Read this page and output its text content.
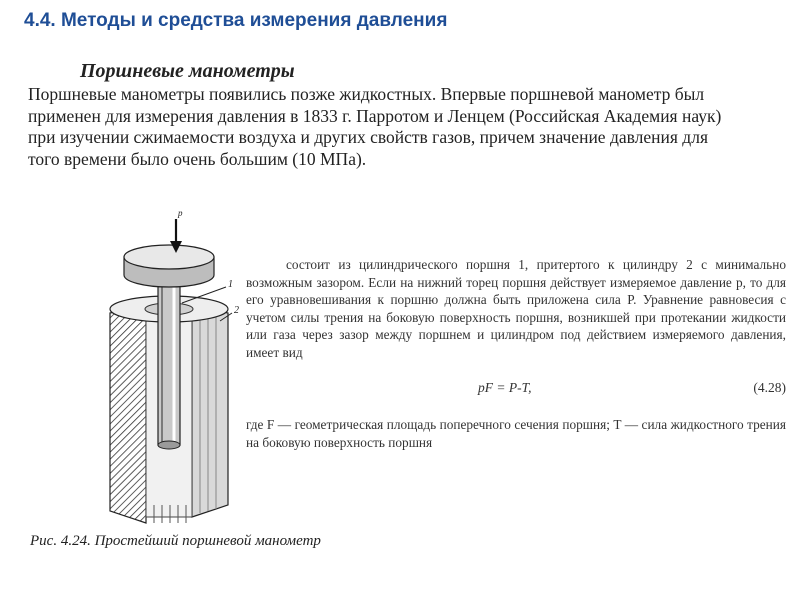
4.4. Методы и средства измерения давления
Поршневые манометры

Поршневые манометры появились позже жидкостных. Впервые поршневой манометр был применен для измерения давления в 1833 г. Парротом и Ленцем (Российская Академия наук) при изучении сжимаемости воздуха и других свойств газов, причем значение давления для того времени было очень большим (10 МПа).

p
1
2

состоит из цилиндрического поршня 1, притертого к цилиндру 2 с минимально возможным зазором. Если на нижний торец поршня действует измеряемое давление p, то для его уравновешивания к поршню должна быть приложена сила P. Уравнение равновесия с учетом силы трения на боковую поверхность поршня, возникшей при протекании жидкости или газа через зазор между поршнем и цилиндром под действием измеряемого давления, имеет вид

pF = P-T,	(4.28)

где F — геометрическая площадь поперечного сечения поршня; T — сила жидкостного трения на боковую поверхность поршня

Рис. 4.24. Простейший поршневой манометр
